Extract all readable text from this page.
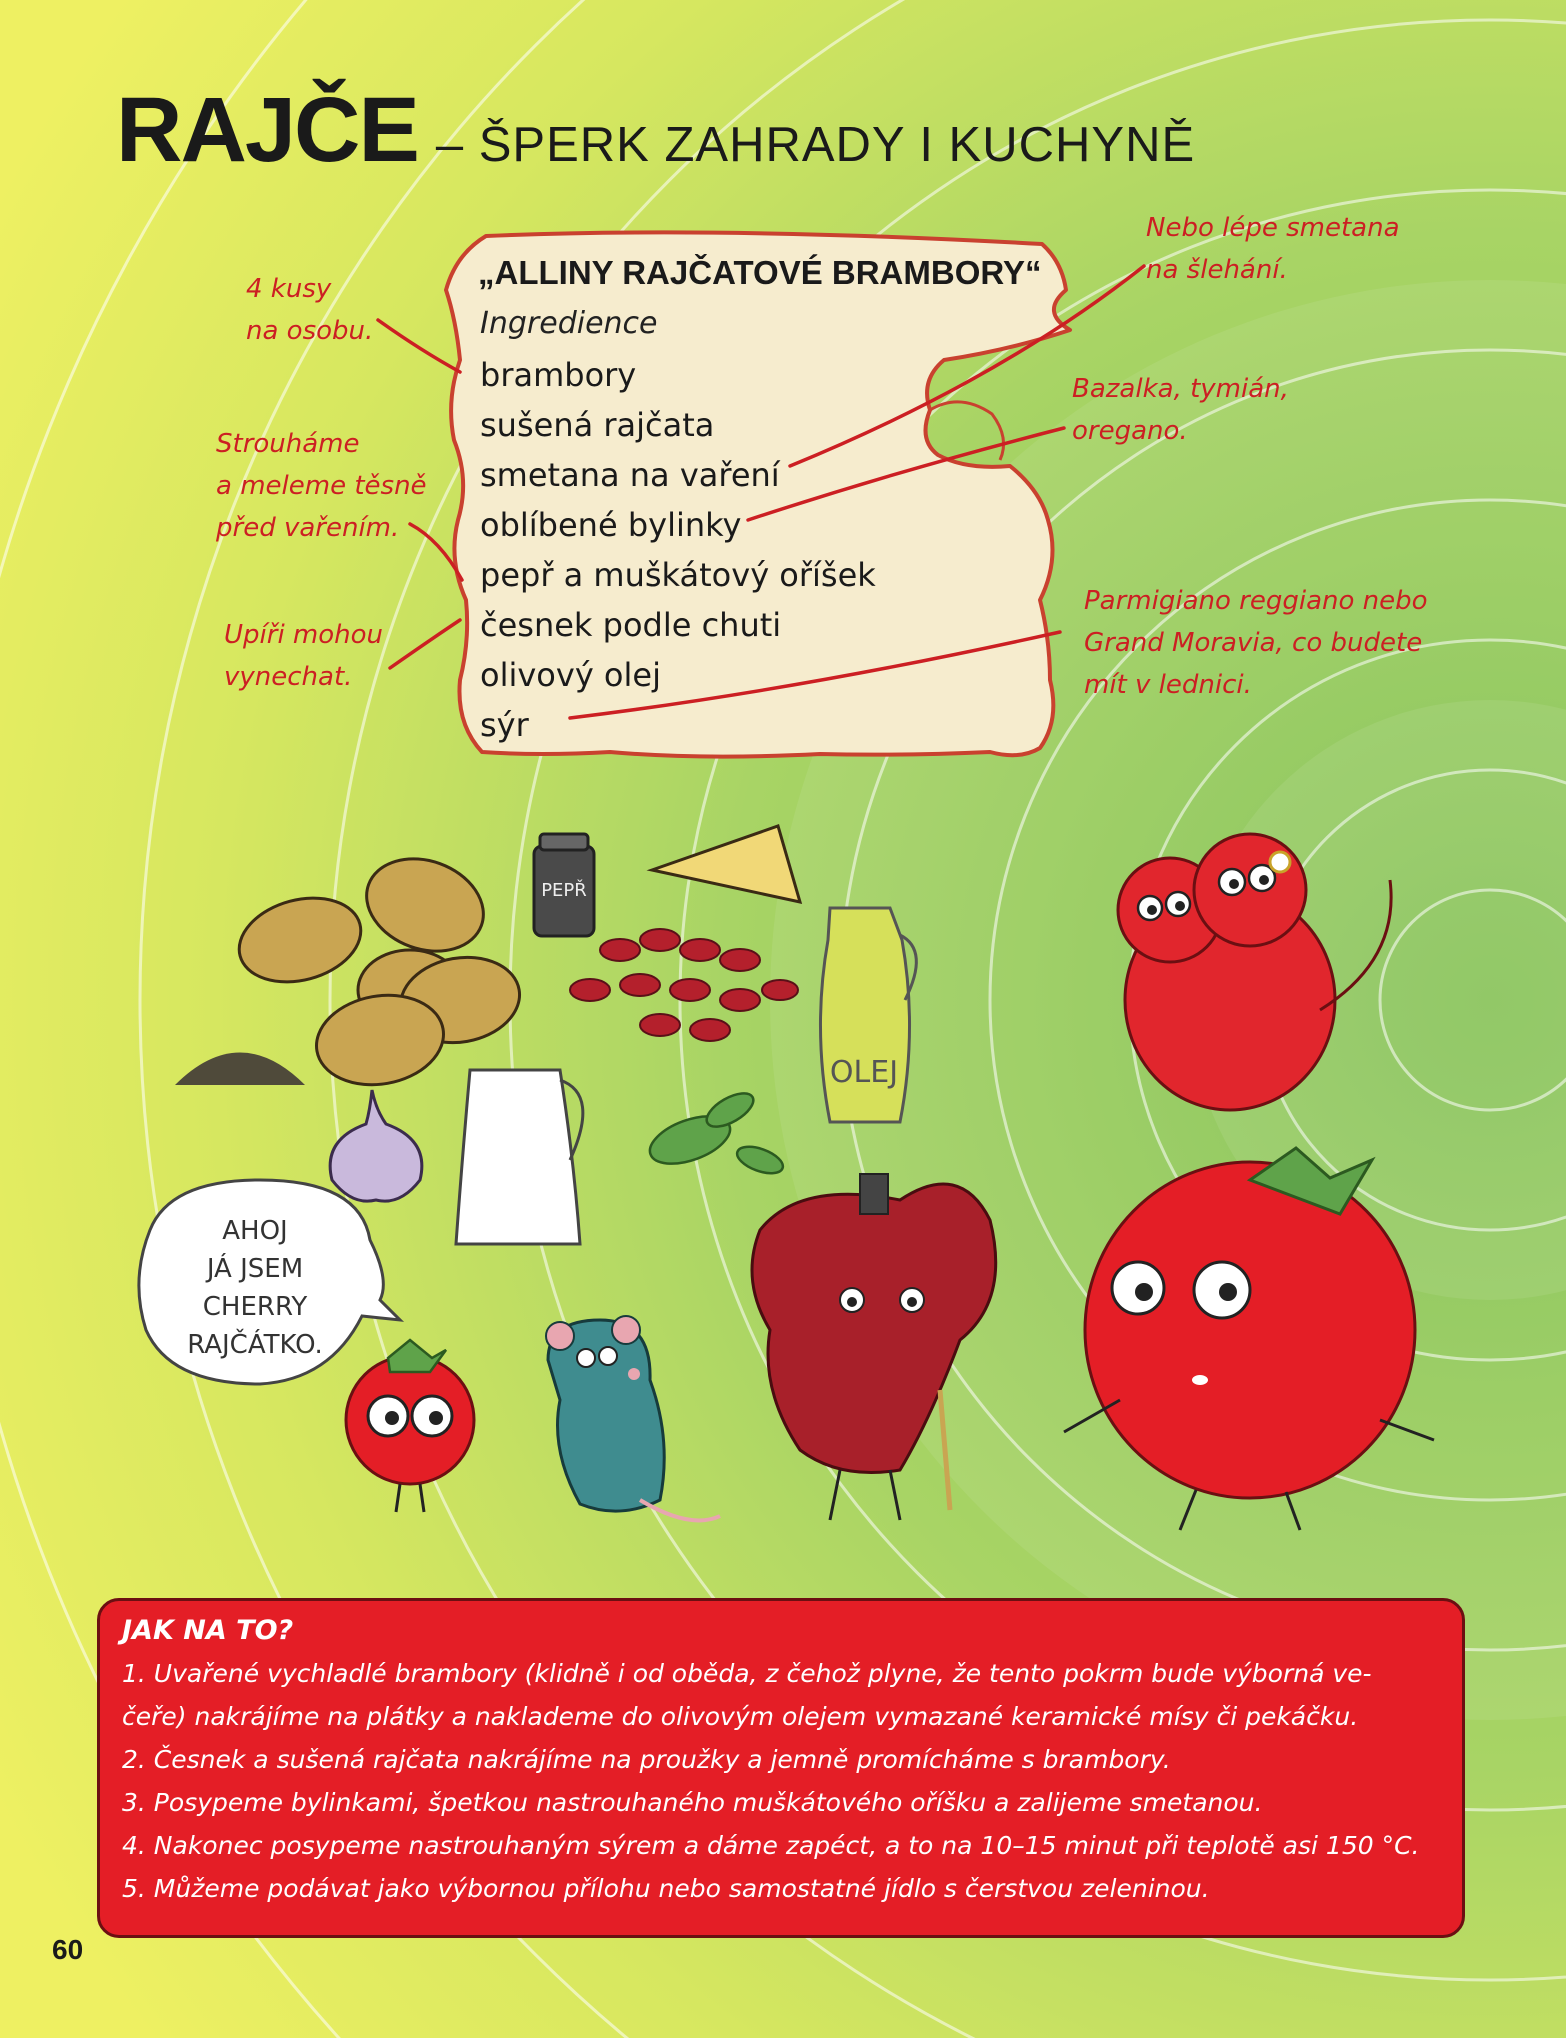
RAJČE – ŠPERK ZAHRADY I KUCHYNĚ
„ALLINY RAJČATOVÉ BRAMBORY“
Ingredience
brambory
sušená rajčata
smetana na vaření
oblíbené bylinky
pepř a muškátový oříšek
česnek podle chuti
olivový olej
sýr
4 kusy
na osobu.
Strouháme
a meleme těsně
před vařením.
Upíři mohou
vynechat.
Nebo lépe smetana
na šlehání.
Bazalka, tymián,
oregano.
Parmigiano reggiano nebo
Grand Moravia, co budete
mít v lednici.
PEPŘ
OLEJ
AHOJ
JÁ JSEM
CHERRY
RAJČÁTKO.
JAK NA TO?
1. Uvařené vychladlé brambory (klidně i od oběda, z čehož plyne, že tento pokrm bude výborná ve-
čeře) nakrájíme na plátky a naklademe do olivovým olejem vymazané keramické mísy či pekáčku.
2. Česnek a sušená rajčata nakrájíme na proužky a jemně promícháme s brambory.
3. Posypeme bylinkami, špetkou nastrouhaného muškátového oříšku a zalijeme smetanou.
4. Nakonec posypeme nastrouhaným sýrem a dáme zapéct, a to na 10–15 minut při teplotě asi 150 °C.
5. Můžeme podávat jako výbornou přílohu nebo samostatné jídlo s čerstvou zeleninou.
60
